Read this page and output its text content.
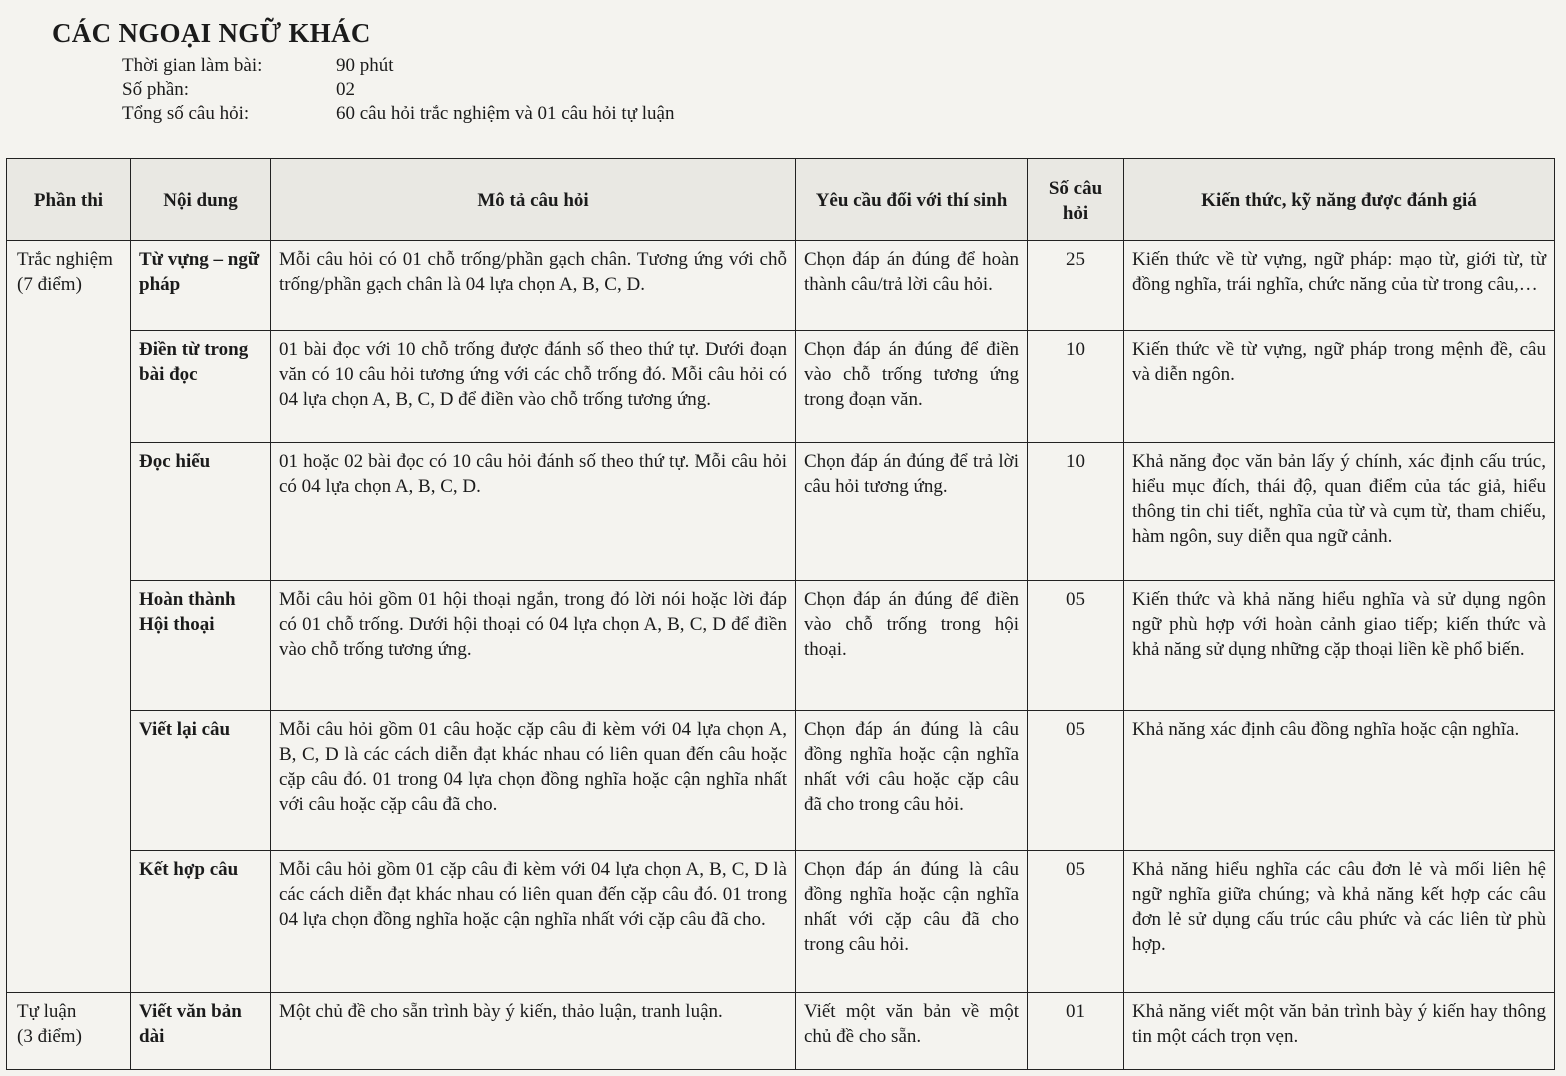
CÁC NGOẠI NGỮ KHÁC
Thời gian làm bài:	90 phút
Số phần:	02
Tổng số câu hỏi:	60 câu hỏi trắc nghiệm và 01 câu hỏi tự luận
Phần thi	Nội dung	Mô tả câu hỏi	Yêu cầu đối với thí sinh	Số câu hỏi	Kiến thức, kỹ năng được đánh giá

Trắc nghiệm
(7 điểm)	Từ vựng – ngữ pháp	Mỗi câu hỏi có 01 chỗ trống/phần gạch chân. Tương ứng với chỗ trống/phần gạch chân là 04 lựa chọn A, B, C, D.	Chọn đáp án đúng để hoàn thành câu/trả lời câu hỏi.	25	Kiến thức về từ vựng, ngữ pháp: mạo từ, giới từ, từ đồng nghĩa, trái nghĩa, chức năng của từ trong câu,…
	Điền từ trong bài đọc	01 bài đọc với 10 chỗ trống được đánh số theo thứ tự. Dưới đoạn văn có 10 câu hỏi tương ứng với các chỗ trống đó. Mỗi câu hỏi có 04 lựa chọn A, B, C, D để điền vào chỗ trống tương ứng.	Chọn đáp án đúng để điền vào chỗ trống tương ứng trong đoạn văn.	10	Kiến thức về từ vựng, ngữ pháp trong mệnh đề, câu và diễn ngôn.
	Đọc hiểu	01 hoặc 02 bài đọc có 10 câu hỏi đánh số theo thứ tự. Mỗi câu hỏi có 04 lựa chọn A, B, C, D.	Chọn đáp án đúng để trả lời câu hỏi tương ứng.	10	Khả năng đọc văn bản lấy ý chính, xác định cấu trúc, hiểu mục đích, thái độ, quan điểm của tác giả, hiểu thông tin chi tiết, nghĩa của từ và cụm từ, tham chiếu, hàm ngôn, suy diễn qua ngữ cảnh.
	Hoàn thành Hội thoại	Mỗi câu hỏi gồm 01 hội thoại ngắn, trong đó lời nói hoặc lời đáp có 01 chỗ trống. Dưới hội thoại có 04 lựa chọn A, B, C, D để điền vào chỗ trống tương ứng.	Chọn đáp án đúng để điền vào chỗ trống trong hội thoại.	05	Kiến thức và khả năng hiểu nghĩa và sử dụng ngôn ngữ phù hợp với hoàn cảnh giao tiếp; kiến thức và khả năng sử dụng những cặp thoại liền kề phổ biến.
	Viết lại câu	Mỗi câu hỏi gồm 01 câu hoặc cặp câu đi kèm với 04 lựa chọn A, B, C, D là các cách diễn đạt khác nhau có liên quan đến câu hoặc cặp câu đó. 01 trong 04 lựa chọn đồng nghĩa hoặc cận nghĩa nhất với câu hoặc cặp câu đã cho.	Chọn đáp án đúng là câu đồng nghĩa hoặc cận nghĩa nhất với câu hoặc cặp câu đã cho trong câu hỏi.	05	Khả năng xác định câu đồng nghĩa hoặc cận nghĩa.
	Kết hợp câu	Mỗi câu hỏi gồm 01 cặp câu đi kèm với 04 lựa chọn A, B, C, D là các cách diễn đạt khác nhau có liên quan đến cặp câu đó. 01 trong 04 lựa chọn đồng nghĩa hoặc cận nghĩa nhất với cặp câu đã cho.	Chọn đáp án đúng là câu đồng nghĩa hoặc cận nghĩa nhất với cặp câu đã cho trong câu hỏi.	05	Khả năng hiểu nghĩa các câu đơn lẻ và mối liên hệ ngữ nghĩa giữa chúng; và khả năng kết hợp các câu đơn lẻ sử dụng cấu trúc câu phức và các liên từ phù hợp.

Tự luận
(3 điểm)	Viết văn bản dài	Một chủ đề cho sẵn trình bày ý kiến, thảo luận, tranh luận.	Viết một văn bản về một chủ đề cho sẵn.	01	Khả năng viết một văn bản trình bày ý kiến hay thông tin một cách trọn vẹn.
